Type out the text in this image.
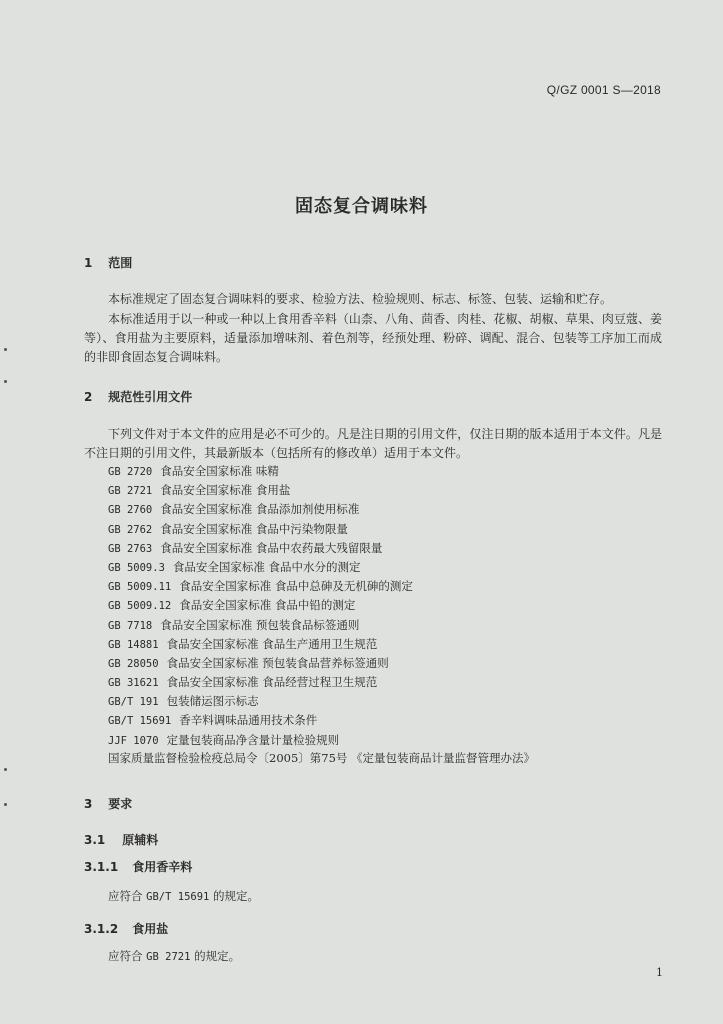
Q/GZ 0001 S—2018
固态复合调味料
1 范围
本标准规定了固态复合调味料的要求、检验方法、检验规则、标志、标签、包装、运输和贮存。
本标准适用于以一种或一种以上食用香辛料（山柰、八角、茴香、肉桂、花椒、胡椒、草果、肉豆蔻、姜等）、食用盐为主要原料，适量添加增味剂、着色剂等，经预处理、粉碎、调配、混合、包装等工序加工而成的非即食固态复合调味料。
2 规范性引用文件
下列文件对于本文件的应用是必不可少的。凡是注日期的引用文件，仅注日期的版本适用于本文件。凡是不注日期的引用文件，其最新版本（包括所有的修改单）适用于本文件。
GB 2720 食品安全国家标准 味精
GB 2721 食品安全国家标准 食用盐
GB 2760 食品安全国家标准 食品添加剂使用标准
GB 2762 食品安全国家标准 食品中污染物限量
GB 2763 食品安全国家标准 食品中农药最大残留限量
GB 5009.3 食品安全国家标准 食品中水分的测定
GB 5009.11 食品安全国家标准 食品中总砷及无机砷的测定
GB 5009.12 食品安全国家标准 食品中铅的测定
GB 7718 食品安全国家标准 预包装食品标签通则
GB 14881 食品安全国家标准 食品生产通用卫生规范
GB 28050 食品安全国家标准 预包装食品营养标签通则
GB 31621 食品安全国家标准 食品经营过程卫生规范
GB/T 191 包装储运图示标志
GB/T 15691 香辛料调味品通用技术条件
JJF 1070 定量包装商品净含量计量检验规则
国家质量监督检验检疫总局令〔2005〕第75号 《定量包装商品计量监督管理办法》
3 要求
3.1 原辅料
3.1.1 食用香辛料
应符合 GB/T 15691 的规定。
3.1.2 食用盐
应符合 GB 2721 的规定。
1
